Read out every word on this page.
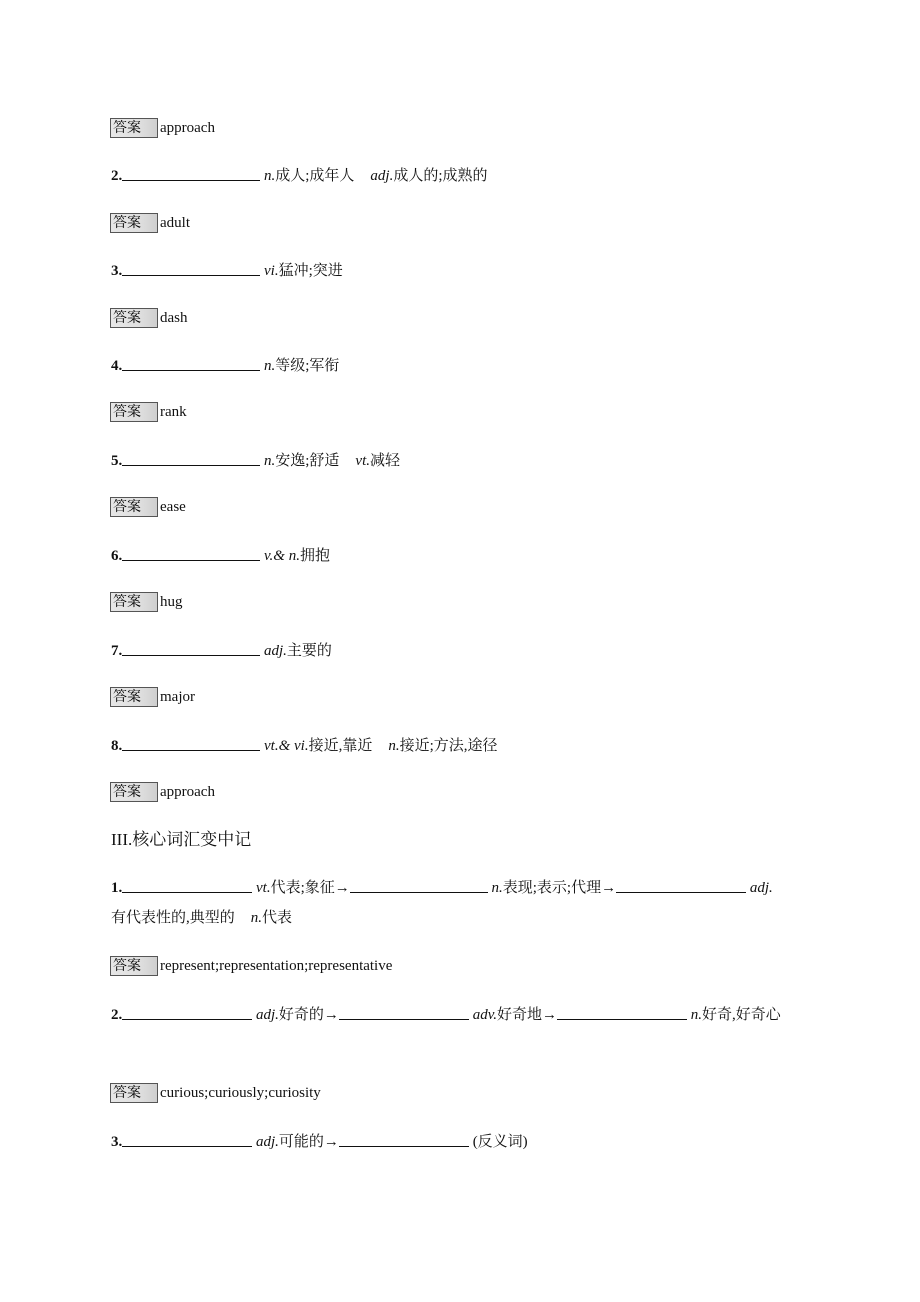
答案	approach
2.	n.成人;成年人 adj.成人的;成熟的
答案	adult
3.	vi.猛冲;突进
答案	dash
4.	n.等级;军衔
答案	rank
5.	n.安逸;舒适 vt.减轻
答案	ease
6.	v.& n.拥抱
答案	hug
7.	adj.主要的
答案	major
8.	vt.& vi.接近,靠近 n.接近;方法,途径
答案	approach
III.核心词汇变中记
1.	vt.代表;象征→	n.表现;表示;代理→	adj.
有代表性的,典型的 n.代表
答案	represent;representation;representative
2.	adj.好奇的→	adv.好奇地→	n.好奇,好奇心
答案	curious;curiously;curiosity
3.	adj.可能的→	(反义词)
